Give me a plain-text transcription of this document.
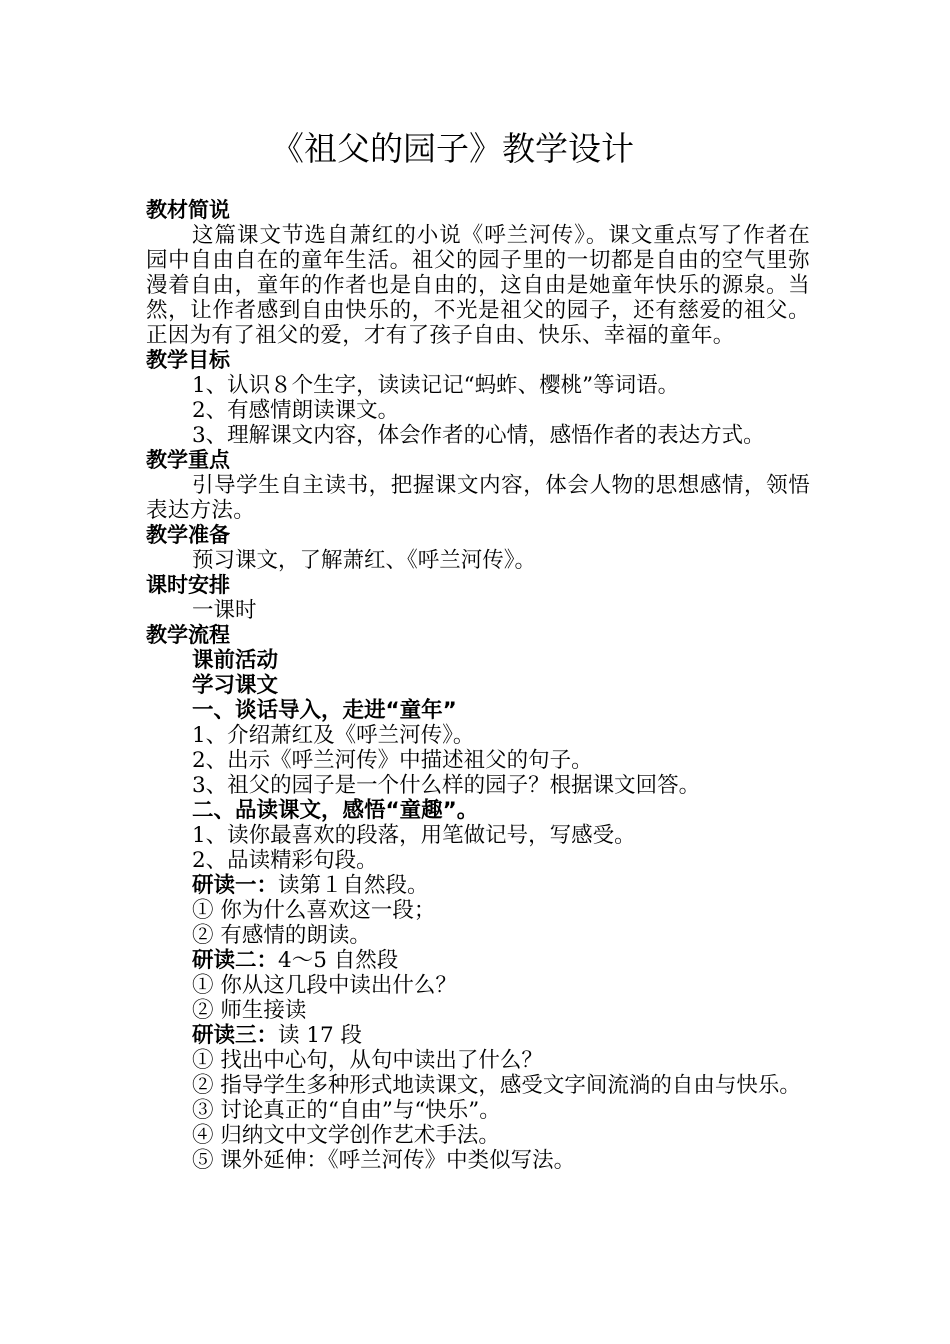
《祖父的园子》教学设计
教材简说
这篇课文节选自萧红的小说《呼兰河传》。课文重点写了作者在园中自由自在的童年生活。祖父的园子里的一切都是自由的空气里弥漫着自由，童年的作者也是自由的，这自由是她童年快乐的源泉。当然，让作者感到自由快乐的，不光是祖父的园子，还有慈爱的祖父。正因为有了祖父的爱，才有了孩子自由、快乐、幸福的童年。
教学目标
1、认识８个生字，读读记记“蚂蚱、樱桃”等词语。
2、有感情朗读课文。
3、理解课文内容，体会作者的心情，感悟作者的表达方式。
教学重点
引导学生自主读书，把握课文内容，体会人物的思想感情，领悟表达方法。
教学准备
预习课文，了解萧红、《呼兰河传》。
课时安排
一课时
教学流程
课前活动
学习课文
一、谈话导入，走进“童年”
1、介绍萧红及《呼兰河传》。
2、出示《呼兰河传》中描述祖父的句子。
3、祖父的园子是一个什么样的园子？根据课文回答。
二、品读课文，感悟“童趣”。
1、读你最喜欢的段落，用笔做记号，写感受。
2、品读精彩句段。
研读一：读第１自然段。
① 你为什么喜欢这一段；
② 有感情的朗读。
研读二：4～5 自然段
① 你从这几段中读出什么？
② 师生接读
研读三：读 17 段
① 找出中心句，从句中读出了什么？
② 指导学生多种形式地读课文，感受文字间流淌的自由与快乐。
③ 讨论真正的“自由”与“快乐”。
④ 归纳文中文学创作艺术手法。
⑤ 课外延伸：《呼兰河传》中类似写法。
